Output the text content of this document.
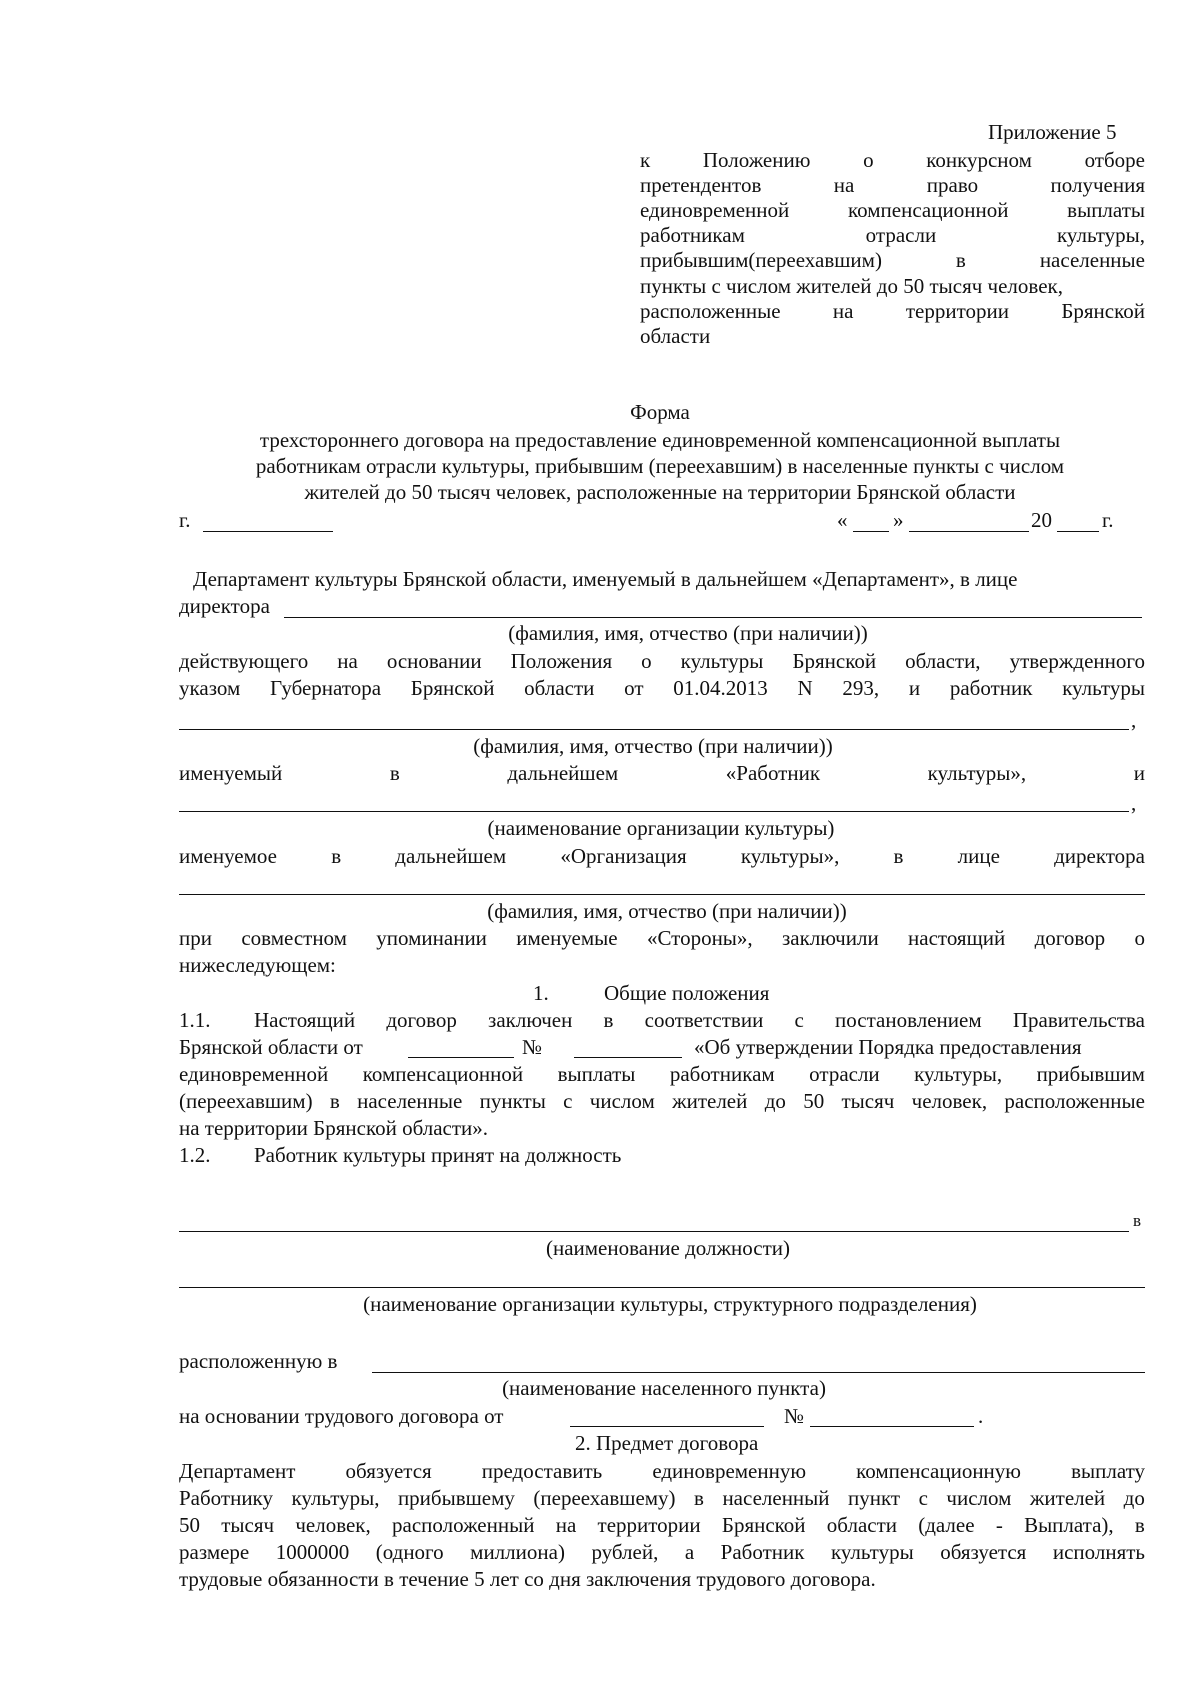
Приложение 5
к	Положению	о	конкурсном	отборе
претендентов	на	право	получения
единовременной	компенсационной	выплаты
работникам	отрасли	культуры,
прибывшим(переехавшим)	в	населенные
пункты с числом жителей до 50 тысяч человек,
расположенные на территории Брянской
области
Форма
трехстороннего договора на предоставление единовременной компенсационной выплаты
работникам отрасли культуры, прибывшим (переехавшим) в населенные пункты с числом
жителей до 50 тысяч человек, расположенные на территории Брянской области
г.	« »	20 г.
Департамент культуры Брянской области, именуемый в дальнейшем «Департамент», в лице
директора
(фамилия, имя, отчество (при наличии))
действующего на основании Положения о культуры Брянской области, утвержденного
указом Губернатора Брянской области от 01.04.2013 N 293, и работник культуры
,
(фамилия, имя, отчество (при наличии))
именуемый	в	дальнейшем	«Работник	культуры»,	и
,
(наименование организации культуры)
именуемое	в	дальнейшем	«Организация	культуры»,	в	лице	директора
(фамилия, имя, отчество (при наличии))
при совместном упоминании именуемые «Стороны», заключили настоящий договор о
нижеследующем:
1.	Общие положения
1.1. Настоящий договор заключен в соответствии с постановлением Правительства
Брянской области от	№	«Об утверждении Порядка предоставления
единовременной компенсационной выплаты работникам отрасли культуры, прибывшим
(переехавшим) в населенные пункты с числом жителей до 50 тысяч человек, расположенные
на территории Брянской области».
1.2. Работник культуры принят на должность
в
(наименование должности)
(наименование организации культуры, структурного подразделения)
расположенную в
(наименование населенного пункта)
на основании трудового договора от	№	.
2. Предмет договора
Департамент обязуется предоставить единовременную компенсационную выплату
Работнику культуры, прибывшему (переехавшему) в населенный пункт с числом жителей до
50 тысяч человек, расположенный на территории Брянской области (далее - Выплата), в
размере 1000000 (одного миллиона) рублей, а Работник культуры обязуется исполнять
трудовые обязанности в течение 5 лет со дня заключения трудового договора.
